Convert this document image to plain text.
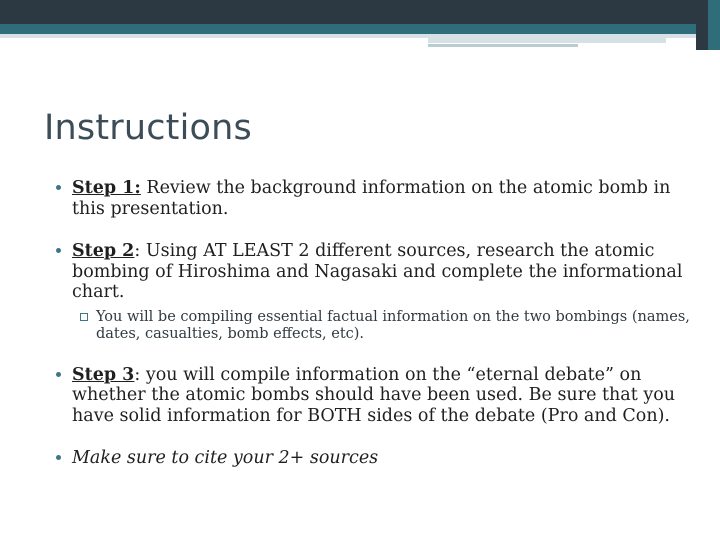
Instructions

Step 1: Review the background information on the atomic bomb in this presentation.

Step 2: Using AT LEAST 2 different sources, research the atomic bombing of Hiroshima and Nagasaki and complete the informational chart.

You will be compiling essential factual information on the two bombings (names, dates, casualties, bomb effects, etc).

Step 3: you will compile information on the “eternal debate” on whether the atomic bombs should have been used. Be sure that you have solid information for BOTH sides of the debate (Pro and Con).

Make sure to cite your 2+ sources
